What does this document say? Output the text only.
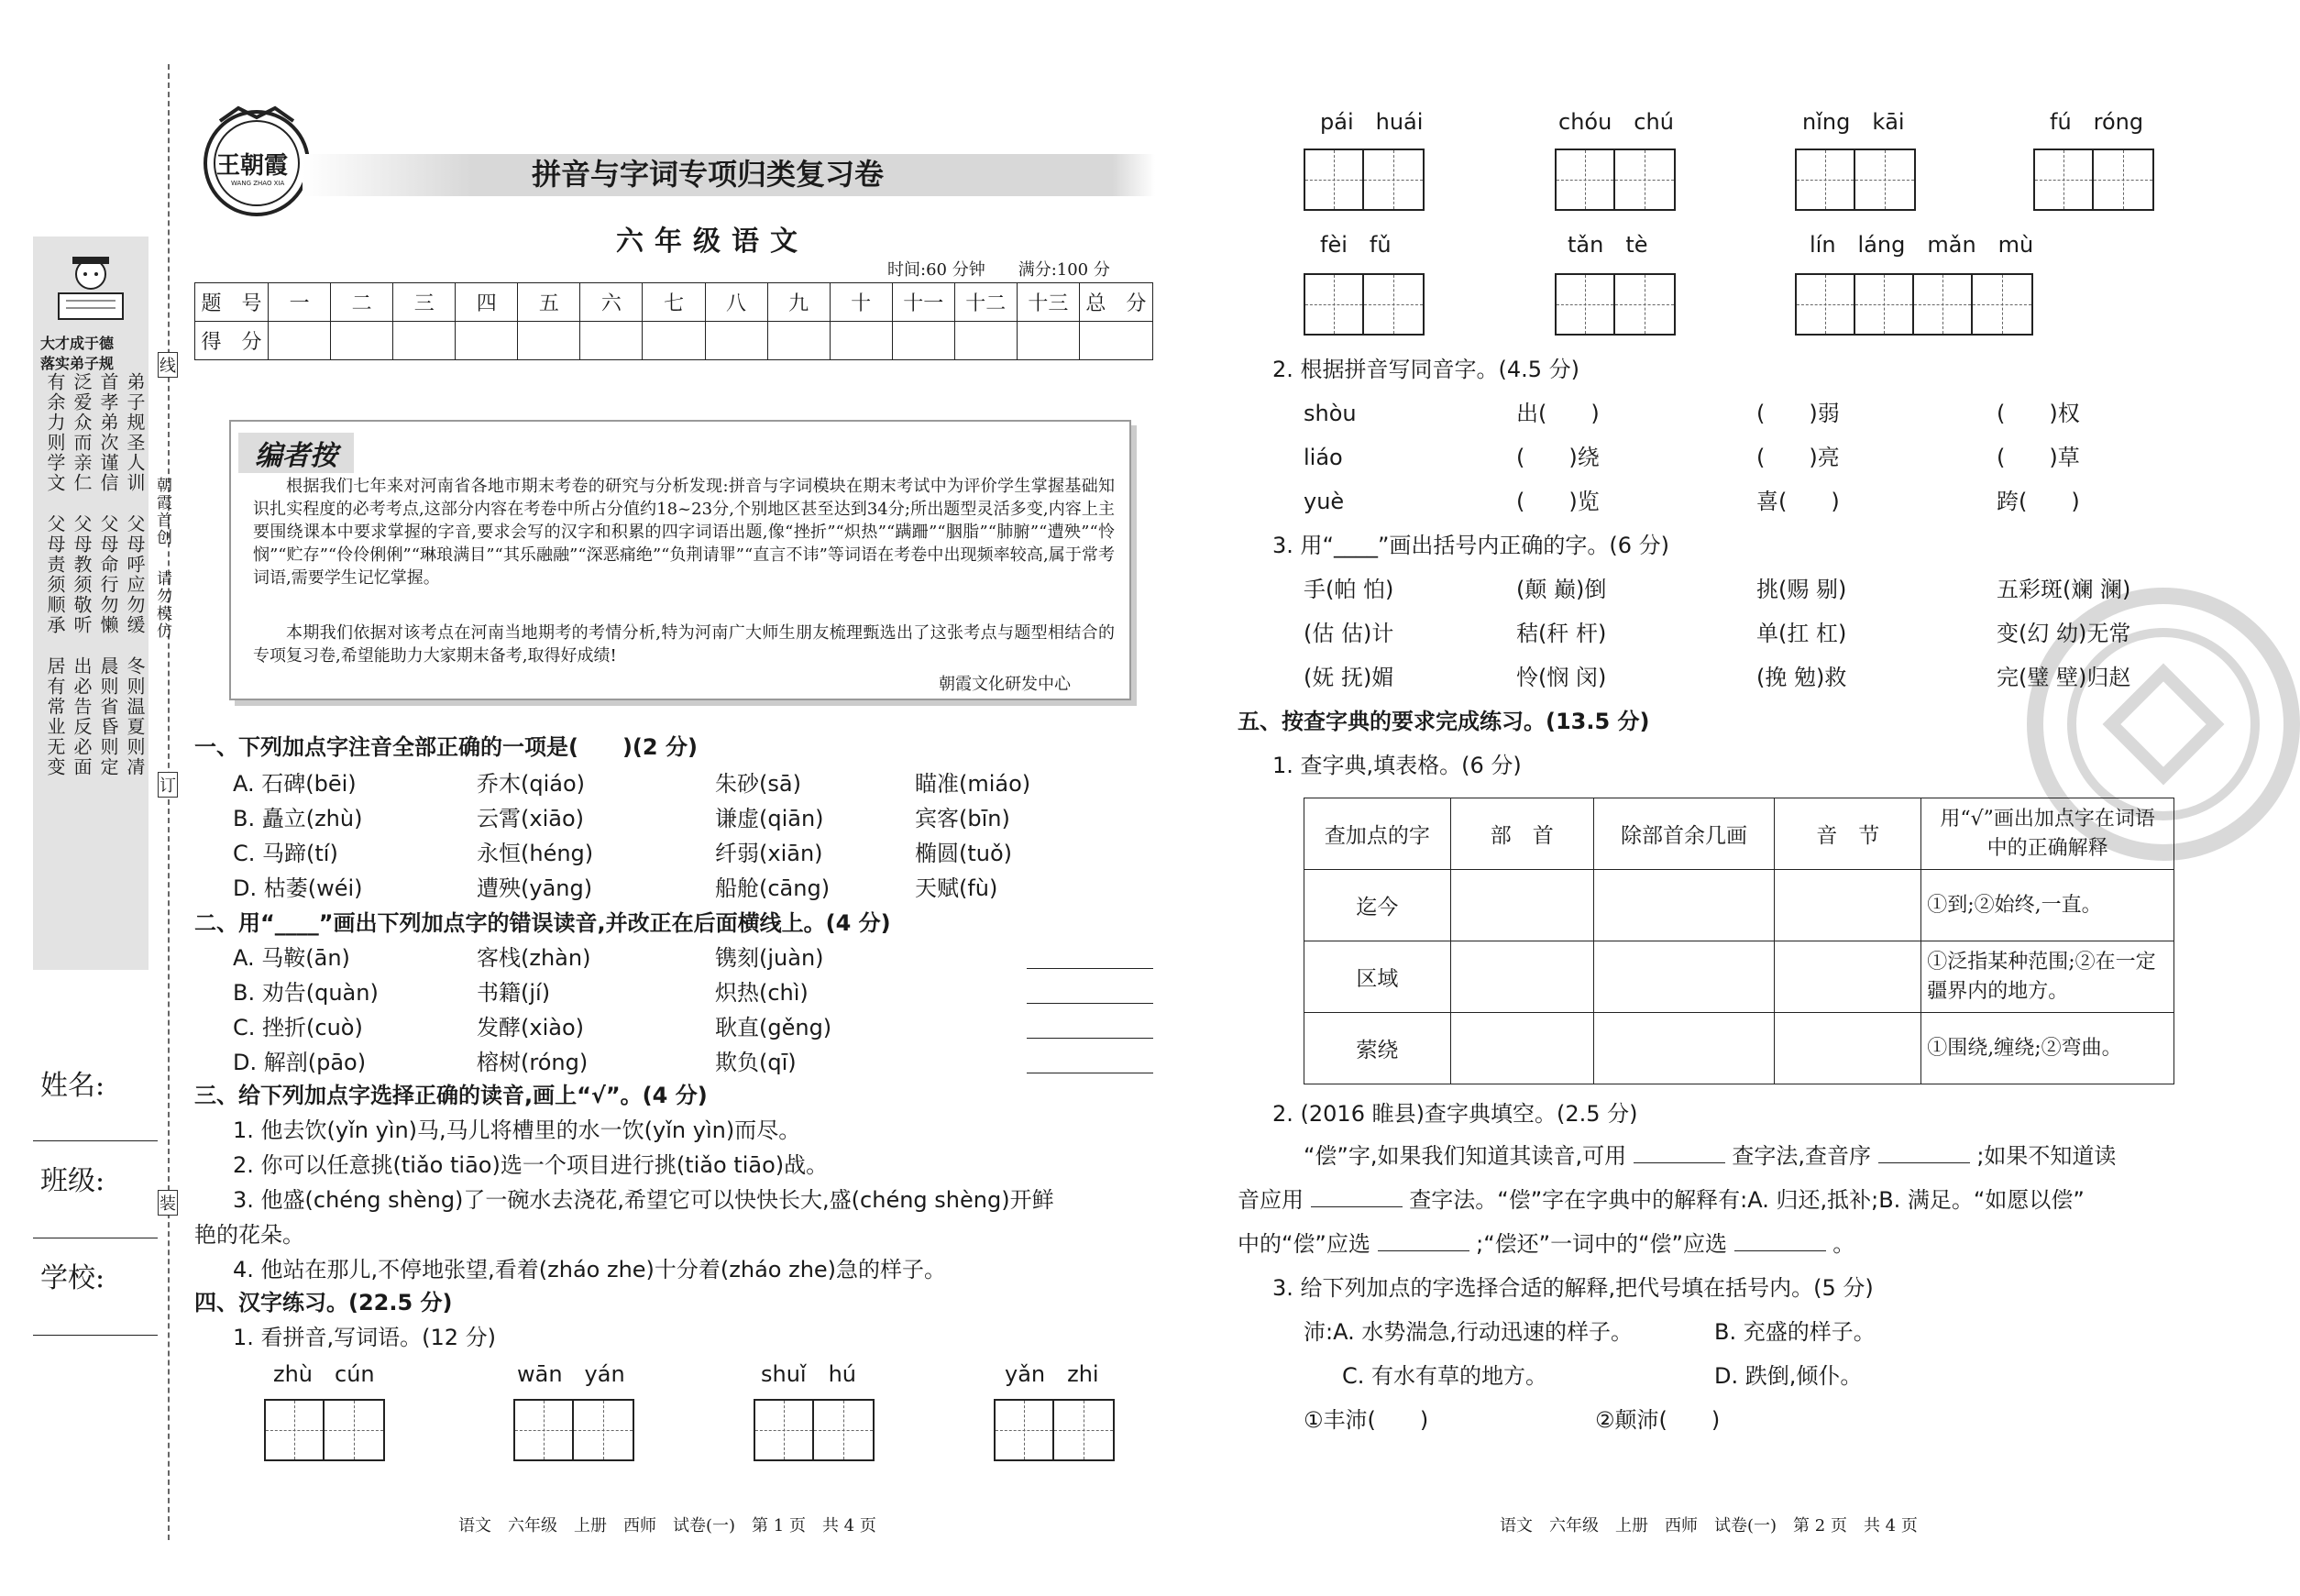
线
订
装
大才成于德
落实弟子规
弟子规圣人训
首孝弟次谨信
泛爱众而亲仁
有余力则学文
父母呼应勿缓
父母命行勿懒
父母教须敬听
父母责须顺承
冬则温夏则凊
晨则省昏则定
出必告反必面
居有常业无变
朝霞首创
请勿模仿
姓名:
班级:
学校:
王朝霞
WANG ZHAO XIA	拼音与字词专项归类复习卷
六年级语文
时间:60 分钟　　满分:100 分
题　号	一	二	三	四	五	六	七	八	九	十	十一	十二	十三	总　分
得　分														
编者按
根据我们七年来对河南省各地市期末考卷的研究与分析发现:拼音与字词模块在期末考试中为评价学生掌握基础知识扎实程度的必考考点,这部分内容在考卷中所占分值约18~23分,个别地区甚至达到34分;所出题型灵活多变,内容上主要围绕课本中要求掌握的字音,要求会写的汉字和积累的四字词语出题,像“挫折”“炽热”“蹒跚”“胭脂”“肺腑”“遭殃”“怜悯”“贮存”“伶伶俐俐”“琳琅满目”“其乐融融”“深恶痛绝”“负荆请罪”“直言不讳”等词语在考卷中出现频率较高,属于常考词语,需要学生记忆掌握。
本期我们依据对该考点在河南当地期考的考情分析,特为河南广大师生朋友梳理甄选出了这张考点与题型相结合的专项复习卷,希望能助力大家期末备考,取得好成绩!
朝霞文化研发中心
一、下列加点字注音全部正确的一项是(　　)(2 分)
A. 石碑(bēi)	乔木(qiáo)	朱砂(sā)	瞄准(miáo)
B. 矗立(zhù)	云霄(xiāo)	谦虚(qiān)	宾客(bīn)
C. 马蹄(tí)	永恒(héng)	纤弱(xiān)	椭圆(tuǒ)
D. 枯萎(wéi)	遭殃(yāng)	船舱(cāng)	天赋(fù)
二、用“____”画出下列加点字的错误读音,并改正在后面横线上。(4 分)
A. 马鞍(ān)	客栈(zhàn)	镌刻(juàn)
B. 劝告(quàn)	书籍(jí)	炽热(chì)
C. 挫折(cuò)	发酵(xiào)	耿直(gěng)
D. 解剖(pāo)	榕树(róng)	欺负(qī)
三、给下列加点字选择正确的读音,画上“√”。(4 分)
1. 他去饮(yǐn yìn)马,马儿将槽里的水一饮(yǐn yìn)而尽。
2. 你可以任意挑(tiǎo tiāo)选一个项目进行挑(tiǎo tiāo)战。
3. 他盛(chéng shèng)了一碗水去浇花,希望它可以快快长大,盛(chéng shèng)开鲜
艳的花朵。
4. 他站在那儿,不停地张望,看着(zháo zhe)十分着(zháo zhe)急的样子。
四、汉字练习。(22.5 分)
1. 看拼音,写词语。(12 分)
zhù　cún	wān　yán	shuǐ　hú	yǎn　zhi
语文　六年级　上册　西师　试卷(一)　第 1 页　共 4 页
pái　huái	chóu　chú	nǐng　kāi	fú　róng
fèi　fǔ	tǎn　tè	lín　láng　mǎn　mù
2. 根据拼音写同音字。(4.5 分)
shòu	出(　　)	(　　)弱	(　　)权
liáo	(　　)绕	(　　)亮	(　　)草
yuè	(　　)览	喜(　　)	跨(　　)
3. 用“____”画出括号内正确的字。(6 分)
手(帕 怕)	(颠 巅)倒	挑(赐 剔)	五彩斑(斓 澜)
(估 估)计	秸(秆 杆)	单(扛 杠)	变(幻 幼)无常
(妩 抚)媚	怜(悯 闵)	(挽 勉)救	完(璧 壁)归赵
五、按查字典的要求完成练习。(13.5 分)
1. 查字典,填表格。(6 分)
查加点的字	部　首	除部首余几画	音　节	用“√”画出加点字在词语中的正确解释
迄今				①到;②始终,一直。
区域				①泛指某种范围;②在一定疆界内的地方。
萦绕				①围绕,缠绕;②弯曲。
2. (2016 睢县)查字典填空。(2.5 分)
“偿”字,如果我们知道其读音,可用	查字法,查音序	;如果不知道读
音应用	查字法。“偿”字在字典中的解释有:A. 归还,抵补;B. 满足。“如愿以偿”
中的“偿”应选	;“偿还”一词中的“偿”应选	。
3. 给下列加点的字选择合适的解释,把代号填在括号内。(5 分)
沛:A. 水势湍急,行动迅速的样子。	B. 充盛的样子。
C. 有水有草的地方。	D. 跌倒,倾仆。
①丰沛(　　)	②颠沛(　　)
语文　六年级　上册　西师　试卷(一)　第 2 页　共 4 页
